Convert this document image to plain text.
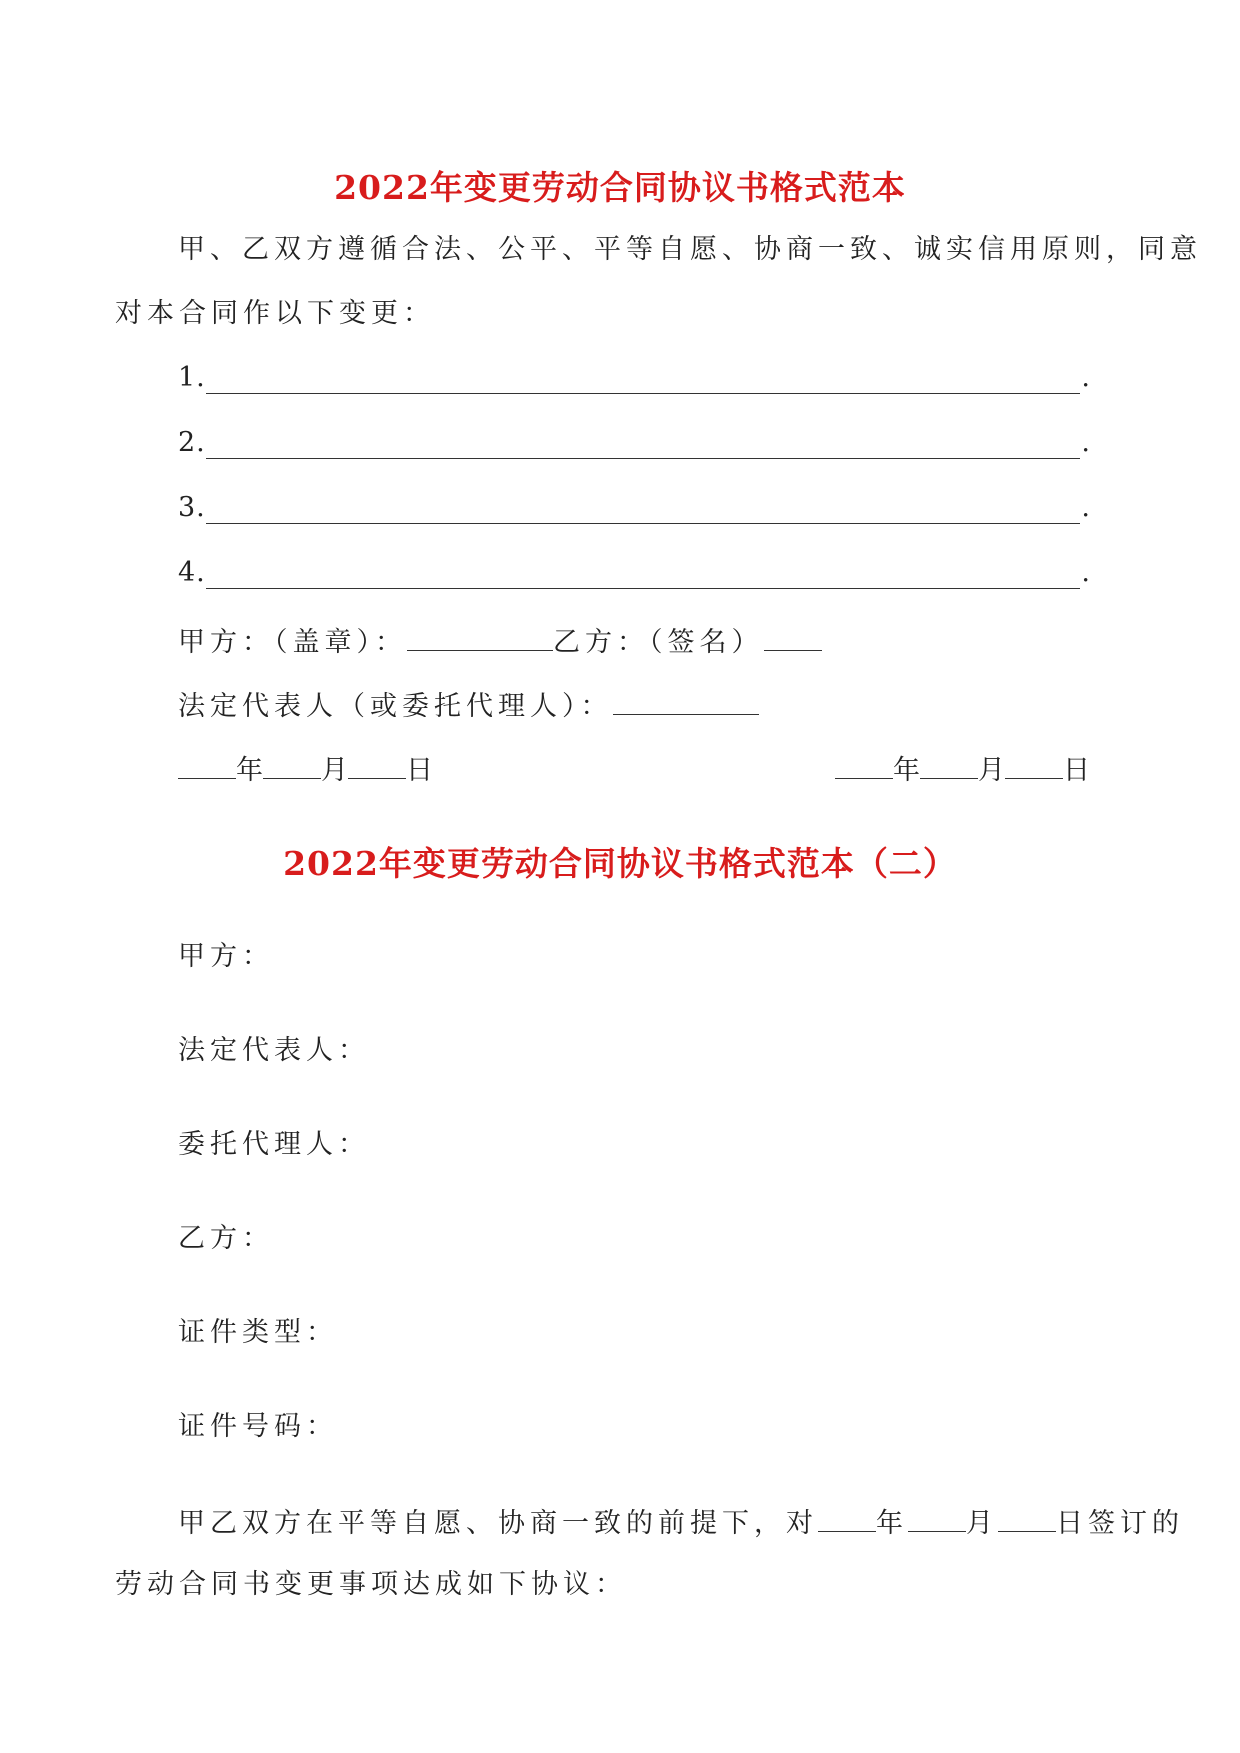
2022年变更劳动合同协议书格式范本
甲、乙双方遵循合法、公平、平等自愿、协商一致、诚实信用原则，同意
对本合同作以下变更：
1.	.
2.	.
3.	.
4.	.
甲方：（盖章）：	乙方：（签名）
法定代表人（或委托代理人）：
年 月 日	年 月 日
2022年变更劳动合同协议书格式范本（二）
甲方：
法定代表人：
委托代理人：
乙方：
证件类型：
证件号码：
甲乙双方在平等自愿、协商一致的前提下，对 年 月 日签订的
劳动合同书变更事项达成如下协议：
